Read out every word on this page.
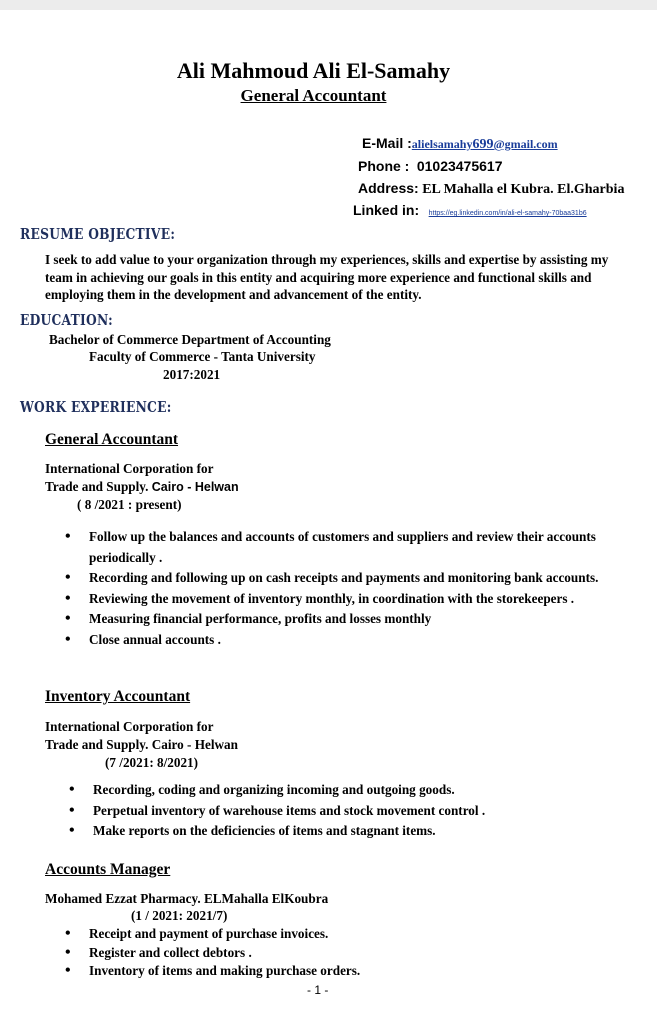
Ali Mahmoud Ali El-Samahy
General Accountant
E-Mail :alielsamahy699@gmail.com
Phone : 01023475617
Address: EL Mahalla el Kubra. El.Gharbia
Linked in: https://eg.linkedin.com/in/ali-el-samahy-70baa31b6
RESUME OBJECTIVE:
I seek to add value to your organization through my experiences, skills and expertise by assisting my team in achieving our goals in this entity and acquiring more experience and functional skills and employing them in the development and advancement of the entity.
EDUCATION:
Bachelor of Commerce Department of Accounting
Faculty of Commerce - Tanta University
2017:2021
WORK EXPERIENCE:
General Accountant
International Corporation for
Trade and Supply. Cairo - Helwan
( 8 /2021 : present)
• Follow up the balances and accounts of customers and suppliers and review their accounts periodically .
• Recording and following up on cash receipts and payments and monitoring bank accounts.
• Reviewing the movement of inventory monthly, in coordination with the storekeepers .
• Measuring financial performance, profits and losses monthly
• Close annual accounts .
Inventory Accountant
International Corporation for
Trade and Supply. Cairo - Helwan
(7 /2021: 8/2021)
• Recording, coding and organizing incoming and outgoing goods.
• Perpetual inventory of warehouse items and stock movement control .
• Make reports on the deficiencies of items and stagnant items.
Accounts Manager
Mohamed Ezzat Pharmacy. ELMahalla ElKoubra
(1 / 2021: 2021/7)
• Receipt and payment of purchase invoices.
• Register and collect debtors .
• Inventory of items and making purchase orders.
- 1 -
